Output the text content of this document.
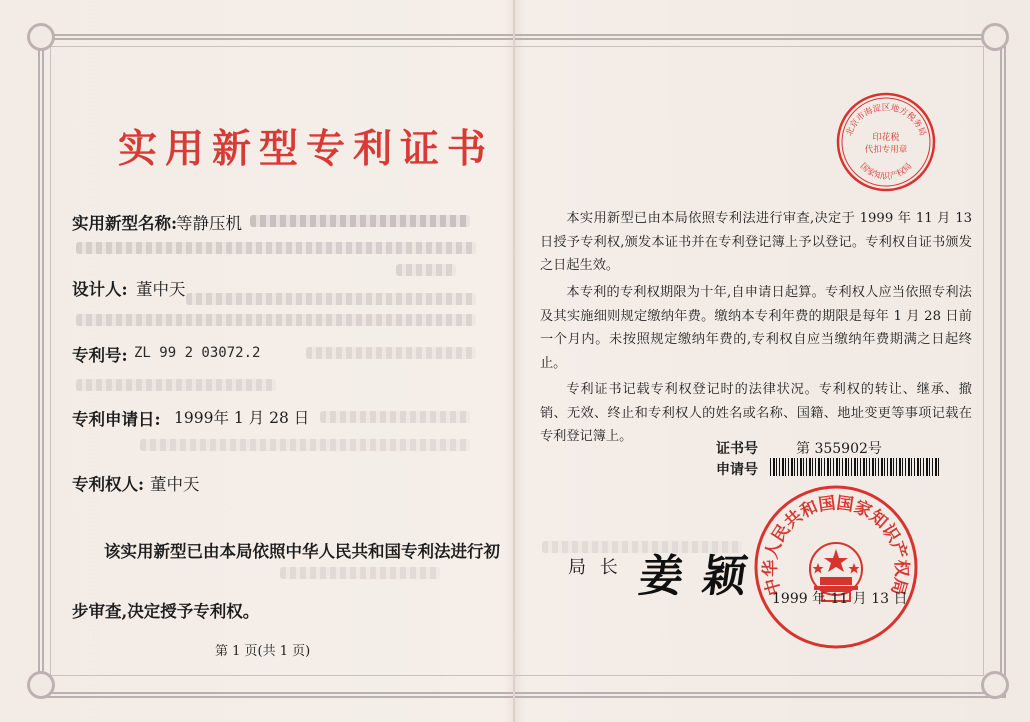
实用新型专利证书
实用新型名称:
等静压机
设计人: 董中天
专利号: ZL 99 2 03072.2
专利申请日: 1999年 1 月 28 日
专利权人: 董中天
该实用新型已由本局依照中华人民共和国专利法进行初
步审查,决定授予专利权。
第 1 页(共 1 页)
北京市海淀区地方税务局
印花税
代扣专用章
国家知识产权局
本实用新型已由本局依照专利法进行审查,决定于 1999 年 11 月 13 日授予专利权,颁发本证书并在专利登记簿上予以登记。专利权自证书颁发之日起生效。
本专利的专利权期限为十年,自申请日起算。专利权人应当依照专利法及其实施细则规定缴纳年费。缴纳本专利年费的期限是每年 1 月 28 日前一个月内。未按照规定缴纳年费的,专利权自应当缴纳年费期满之日起终止。
专利证书记载专利权登记时的法律状况。专利权的转让、继承、撤销、无效、终止和专利权人的姓名或名称、国籍、地址变更等事项记载在专利登记簿上。
证书号	第 355902号
申请号
局 长 姜 颖 中华人民共和国国家知识产权局
1999 年 11 月 13 日
